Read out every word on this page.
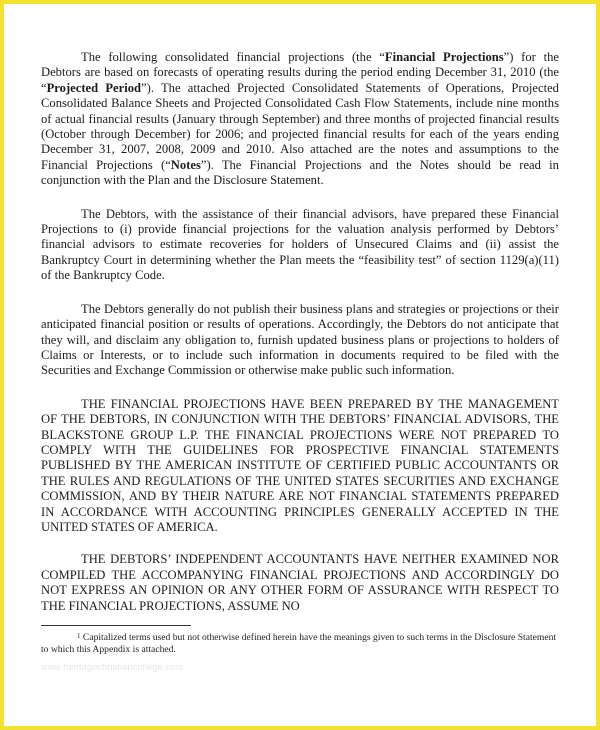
The following consolidated financial projections (the “Financial Projections”) for the Debtors are based on forecasts of operating results during the period ending December 31, 2010 (the “Projected Period”). The attached Projected Consolidated Statements of Operations, Projected Consolidated Balance Sheets and Projected Consolidated Cash Flow Statements, include nine months of actual financial results (January through September) and three months of projected financial results (October through December) for 2006; and projected financial results for each of the years ending December 31, 2007, 2008, 2009 and 2010. Also attached are the notes and assumptions to the Financial Projections (“Notes”). The Financial Projections and the Notes should be read in conjunction with the Plan and the Disclosure Statement.

The Debtors, with the assistance of their financial advisors, have prepared these Financial Projections to (i) provide financial projections for the valuation analysis performed by Debtors’ financial advisors to estimate recoveries for holders of Unsecured Claims and (ii) assist the Bankruptcy Court in determining whether the Plan meets the “feasibility test” of section 1129(a)(11) of the Bankruptcy Code.

The Debtors generally do not publish their business plans and strategies or projections or their anticipated financial position or results of operations. Accordingly, the Debtors do not anticipate that they will, and disclaim any obligation to, furnish updated business plans or projections to holders of Claims or Interests, or to include such information in documents required to be filed with the Securities and Exchange Commission or otherwise make public such information.

THE FINANCIAL PROJECTIONS HAVE BEEN PREPARED BY THE MANAGEMENT OF THE DEBTORS, IN CONJUNCTION WITH THE DEBTORS’ FINANCIAL ADVISORS, THE BLACKSTONE GROUP L.P. THE FINANCIAL PROJECTIONS WERE NOT PREPARED TO COMPLY WITH THE GUIDELINES FOR PROSPECTIVE FINANCIAL STATEMENTS PUBLISHED BY THE AMERICAN INSTITUTE OF CERTIFIED PUBLIC ACCOUNTANTS OR THE RULES AND REGULATIONS OF THE UNITED STATES SECURITIES AND EXCHANGE COMMISSION, AND BY THEIR NATURE ARE NOT FINANCIAL STATEMENTS PREPARED IN ACCORDANCE WITH ACCOUNTING PRINCIPLES GENERALLY ACCEPTED IN THE UNITED STATES OF AMERICA.

THE DEBTORS’ INDEPENDENT ACCOUNTANTS HAVE NEITHER EXAMINED NOR COMPILED THE ACCOMPANYING FINANCIAL PROJECTIONS AND ACCORDINGLY DO NOT EXPRESS AN OPINION OR ANY OTHER FORM OF ASSURANCE WITH RESPECT TO THE FINANCIAL PROJECTIONS, ASSUME NO

$^1$ Capitalized terms used but not otherwise defined herein have the meanings given to such terms in the Disclosure Statement to which this Appendix is attached.

www.heritagechristiancollege.com
